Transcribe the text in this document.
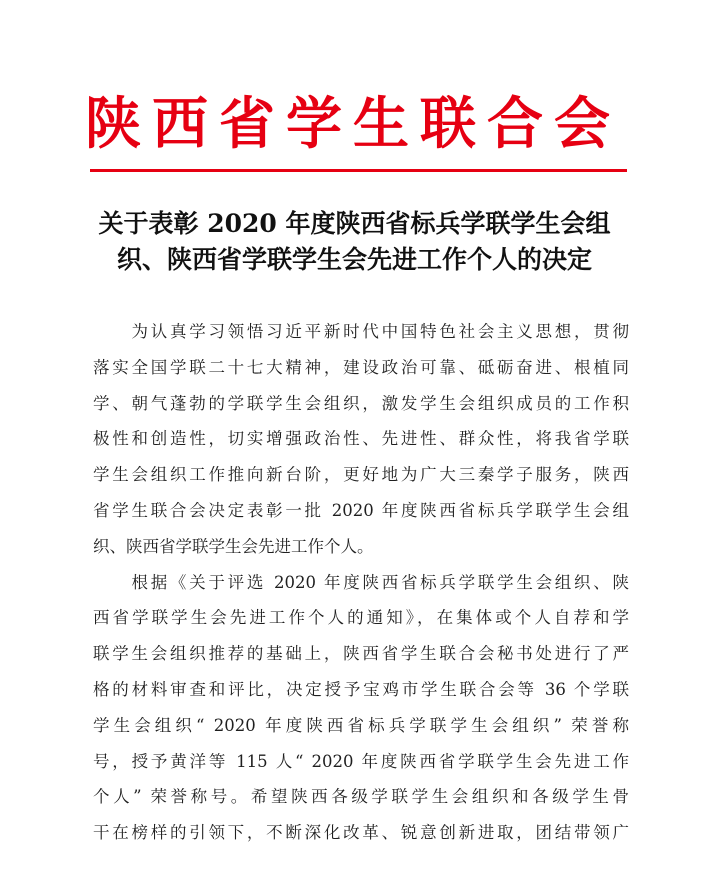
陕西省学生联合会
关于表彰 2020 年度陕西省标兵学联学生会组
织、陕西省学联学生会先进工作个人的决定
　　为认真学习领悟习近平新时代中国特色社会主义思想，贯彻
落实全国学联二十七大精神，建设政治可靠、砥砺奋进、根植同
学、朝气蓬勃的学联学生会组织，激发学生会组织成员的工作积
极性和创造性，切实增强政治性、先进性、群众性，将我省学联
学生会组织工作推向新台阶，更好地为广大三秦学子服务，陕西
省学生联合会决定表彰一批 2020 年度陕西省标兵学联学生会组
织、陕西省学联学生会先进工作个人。
　　根据《关于评选 2020 年度陕西省标兵学联学生会组织、陕
西省学联学生会先进工作个人的通知》，在集体或个人自荐和学
联学生会组织推荐的基础上，陕西省学生联合会秘书处进行了严
格的材料审查和评比，决定授予宝鸡市学生联合会等 36 个学联
学生会组织“ 2020 年度陕西省标兵学联学生会组织” 荣誉称
号，授予黄洋等 115 人“ 2020 年度陕西省学联学生会先进工作
个人” 荣誉称号。希望陕西各级学联学生会组织和各级学生骨
干在榜样的引领下，不断深化改革、锐意创新进取，团结带领广
